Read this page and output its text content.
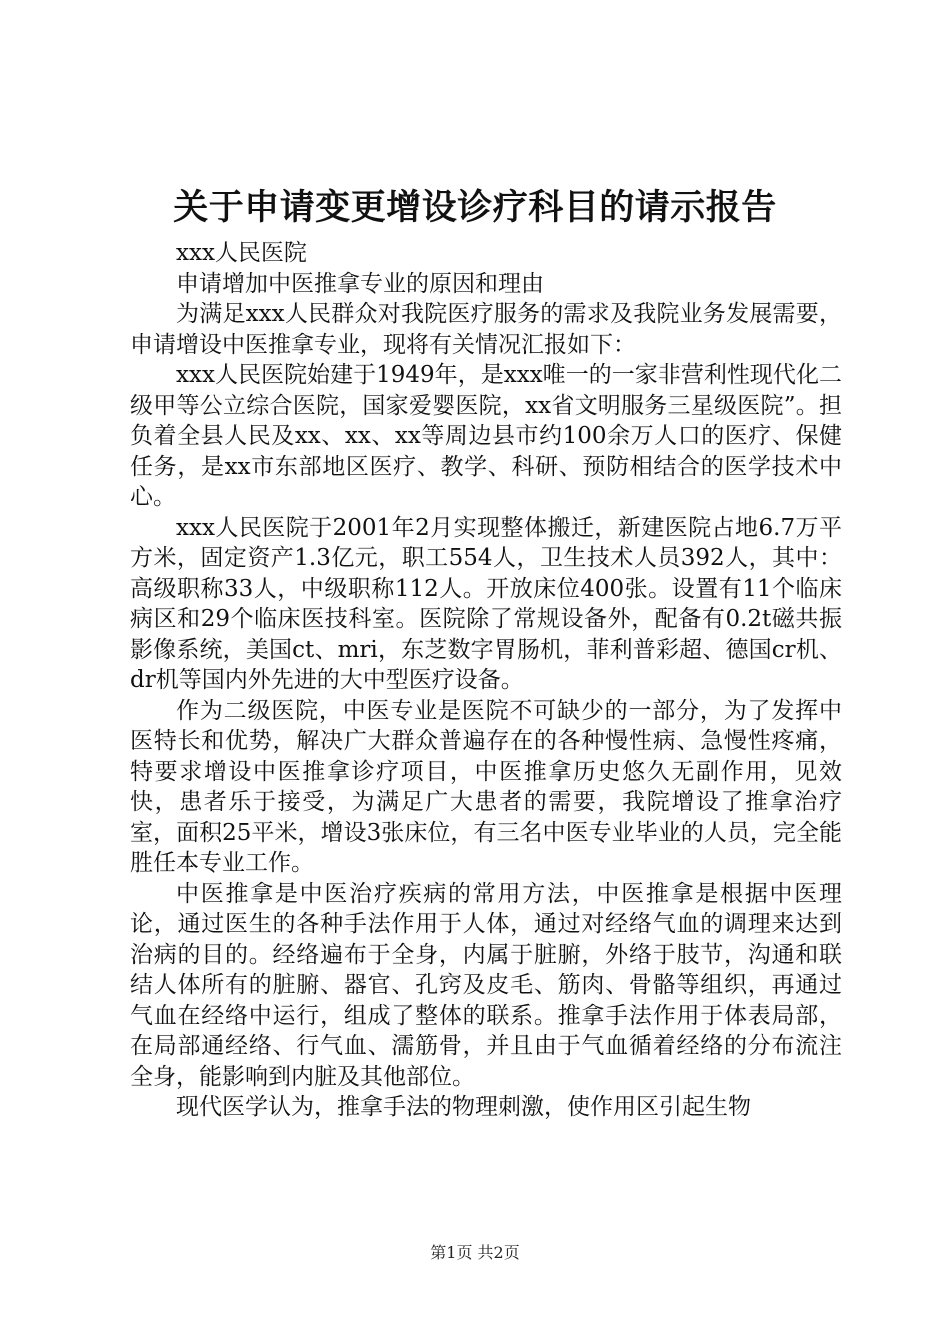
关于申请变更增设诊疗科目的请示报告

xxx人民医院

申请增加中医推拿专业的原因和理由

为满足xxx人民群众对我院医疗服务的需求及我院业务发展需要，申请增设中医推拿专业，现将有关情况汇报如下：

xxx人民医院始建于1949年，是xxx唯一的一家非营利性现代化二级甲等公立综合医院，国家爱婴医院，xx省文明服务三星级医院”。担负着全县人民及xx、xx、xx等周边县市约100余万人口的医疗、保健任务，是xx市东部地区医疗、教学、科研、预防相结合的医学技术中心。

xxx人民医院于2001年2月实现整体搬迁，新建医院占地6.7万平方米，固定资产1.3亿元，职工554人，卫生技术人员392人，其中：高级职称33人，中级职称112人。开放床位400张。设置有11个临床病区和29个临床医技科室。医院除了常规设备外，配备有0.2t磁共振影像系统，美国ct、mri，东芝数字胃肠机，菲利普彩超、德国cr机、dr机等国内外先进的大中型医疗设备。

作为二级医院，中医专业是医院不可缺少的一部分，为了发挥中医特长和优势，解决广大群众普遍存在的各种慢性病、急慢性疼痛，特要求增设中医推拿诊疗项目，中医推拿历史悠久无副作用，见效快，患者乐于接受，为满足广大患者的需要，我院增设了推拿治疗室，面积25平米，增设3张床位，有三名中医专业毕业的人员，完全能胜任本专业工作。

中医推拿是中医治疗疾病的常用方法，中医推拿是根据中医理论，通过医生的各种手法作用于人体，通过对经络气血的调理来达到治病的目的。经络遍布于全身，内属于脏腑，外络于肢节，沟通和联结人体所有的脏腑、器官、孔窍及皮毛、筋肉、骨骼等组织，再通过气血在经络中运行，组成了整体的联系。推拿手法作用于体表局部，在局部通经络、行气血、濡筋骨，并且由于气血循着经络的分布流注全身，能影响到内脏及其他部位。

现代医学认为，推拿手法的物理刺激，使作用区引起生物

第1页 共2页
